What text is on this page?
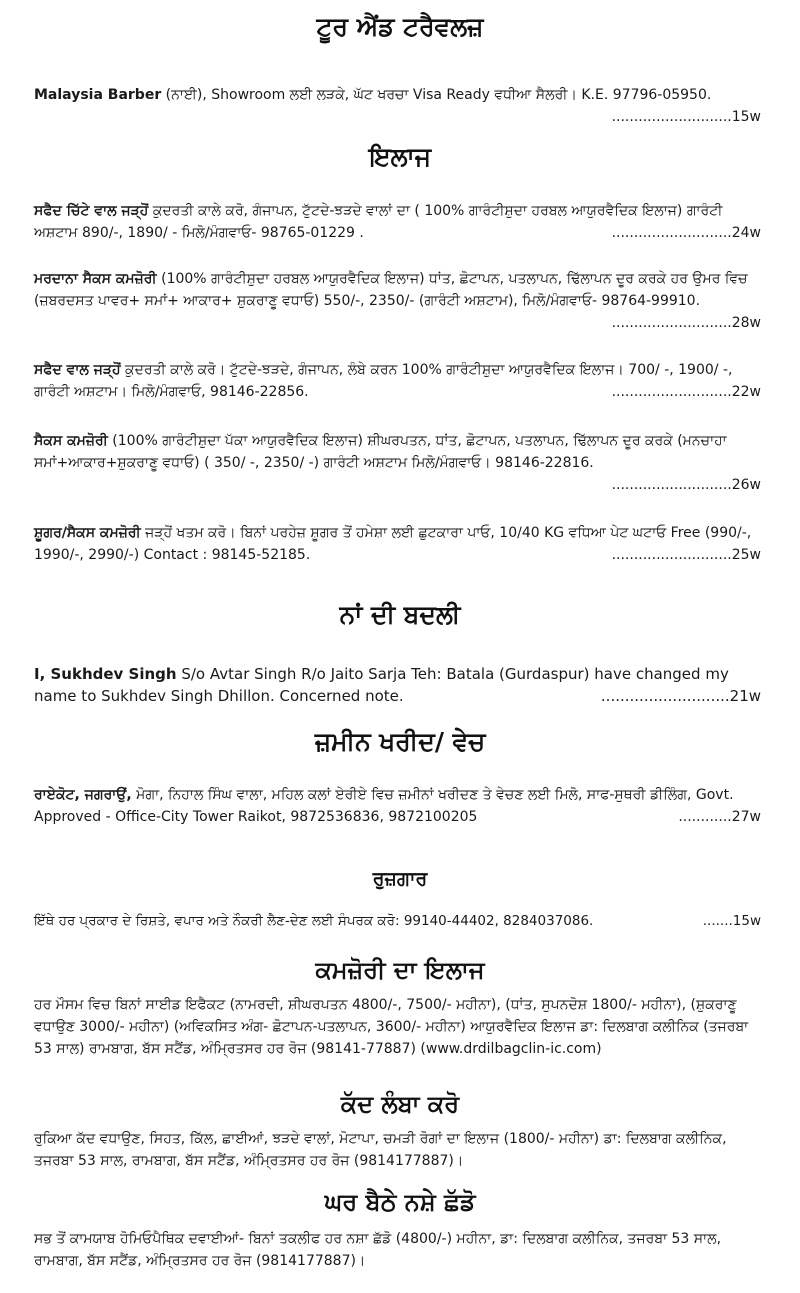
ਟੂਰ ਐਂਡ ਟਰੈਵਲਜ਼
Malaysia Barber (ਨਾਈ), Showroom ਲਈ ਲੜਕੇ, ਘੱਟ ਖਰਚਾ Visa Ready ਵਧੀਆ ਸੈਲਰੀ। K.E. 97796-05950.
...........................15w
ਇਲਾਜ
ਸਫੈਦ ਚਿੱਟੇ ਵਾਲ ਜੜ੍ਹੋਂ ਕੁਦਰਤੀ ਕਾਲੇ ਕਰੋ, ਗੰਜਾਪਨ, ਟੁੱਟਦੇ-ਝੜਦੇ ਵਾਲਾਂ ਦਾ ( 100% ਗਾਰੰਟੀਸ਼ੁਦਾ ਹਰਬਲ ਆਯੁਰਵੈਦਿਕ ਇਲਾਜ) ਗਾਰੰਟੀ ਅਸ਼ਟਾਮ 890/-, 1890/ - ਮਿਲੋ/ਮੰਗਵਾਓ- 98765-01229 .	...........................24w
ਮਰਦਾਨਾ ਸੈਕਸ ਕਮਜ਼ੋਰੀ (100% ਗਾਰੰਟੀਸ਼ੁਦਾ ਹਰਬਲ ਆਯੁਰਵੈਦਿਕ ਇਲਾਜ) ਧਾਂਤ, ਛੋਟਾਪਨ, ਪਤਲਾਪਨ, ਢਿੱਲਾਪਨ ਦੂਰ ਕਰਕੇ ਹਰ ਉਮਰ ਵਿਚ (ਜ਼ਬਰਦਸਤ ਪਾਵਰ+ ਸਮਾਂ+ ਆਕਾਰ+ ਸ਼ੁਕਰਾਣੂ ਵਧਾਓ) 550/-, 2350/- (ਗਾਰੰਟੀ ਅਸ਼ਟਾਮ), ਮਿਲੋ/ਮੰਗਵਾਓ- 98764-99910.
...........................28w
ਸਫੈਦ ਵਾਲ ਜੜ੍ਹੋਂ ਕੁਦਰਤੀ ਕਾਲੇ ਕਰੋ। ਟੁੱਟਦੇ-ਝੜਦੇ, ਗੰਜਾਪਨ, ਲੰਬੇ ਕਰਨ 100% ਗਾਰੰਟੀਸ਼ੁਦਾ ਆਯੁਰਵੈਦਿਕ ਇਲਾਜ। 700/ -, 1900/ -, ਗਾਰੰਟੀ ਅਸ਼ਟਾਮ। ਮਿਲੋ/ਮੰਗਵਾਓ, 98146-22856.	...........................22w
ਸੈਕਸ ਕਮਜ਼ੋਰੀ (100% ਗਾਰੰਟੀਸ਼ੁਦਾ ਪੱਕਾ ਆਯੁਰਵੈਦਿਕ ਇਲਾਜ) ਸ਼ੀਘਰਪਤਨ, ਧਾਂਤ, ਛੋਟਾਪਨ, ਪਤਲਾਪਨ, ਢਿੱਲਾਪਨ ਦੂਰ ਕਰਕੇ (ਮਨਚਾਹਾ ਸਮਾਂ+ਆਕਾਰ+ਸ਼ੁਕਰਾਣੂ ਵਧਾਓ) ( 350/ -, 2350/ -) ਗਾਰੰਟੀ ਅਸ਼ਟਾਮ ਮਿਲੋ/ਮੰਗਵਾਓ। 98146-22816.
...........................26w
ਸ਼ੂਗਰ/ਸੈਕਸ ਕਮਜ਼ੋਰੀ ਜੜ੍ਹੋਂ ਖਤਮ ਕਰੋ। ਬਿਨਾਂ ਪਰਹੇਜ਼ ਸ਼ੂਗਰ ਤੋਂ ਹਮੇਸ਼ਾ ਲਈ ਛੁਟਕਾਰਾ ਪਾਓ, 10/40 KG ਵਧਿਆ ਪੇਟ ਘਟਾਓ Free (990/-, 1990/-, 2990/-) Contact : 98145-52185.	...........................25w
ਨਾਂ ਦੀ ਬਦਲੀ
I, Sukhdev Singh S/o Avtar Singh R/o Jaito Sarja Teh: Batala (Gurdaspur) have changed my name to Sukhdev Singh Dhillon. Concerned note.	...........................21w
ਜ਼ਮੀਨ ਖਰੀਦ/ ਵੇਚ
ਰਾਏਕੋਟ, ਜਗਰਾਉਂ, ਮੋਗਾ, ਨਿਹਾਲ ਸਿੰਘ ਵਾਲਾ, ਮਹਿਲ ਕਲਾਂ ਏਰੀਏ ਵਿਚ ਜ਼ਮੀਨਾਂ ਖਰੀਦਣ ਤੇ ਵੇਚਣ ਲਈ ਮਿਲੋ, ਸਾਫ-ਸੁਥਰੀ ਡੀਲਿੰਗ, Govt. Approved - Office-City Tower Raikot, 9872536836, 9872100205	............27w
ਰੁਜ਼ਗਾਰ
ਇੱਥੇ ਹਰ ਪ੍ਰਕਾਰ ਦੇ ਰਿਸ਼ਤੇ, ਵਪਾਰ ਅਤੇ ਨੌਕਰੀ ਲੈਣ-ਦੇਣ ਲਈ ਸੰਪਰਕ ਕਰੋ: 99140-44402, 8284037086.	.......15w
ਕਮਜ਼ੋਰੀ ਦਾ ਇਲਾਜ
ਹਰ ਮੌਸਮ ਵਿਚ ਬਿਨਾਂ ਸਾਈਡ ਇਫੈਕਟ (ਨਾਮਰਦੀ, ਸ਼ੀਘਰਪਤਨ 4800/-, 7500/- ਮਹੀਨਾ), (ਧਾਂਤ, ਸੁਪਨਦੋਸ਼ 1800/- ਮਹੀਨਾ), (ਸ਼ੁਕਰਾਣੂ ਵਧਾਉਣ 3000/- ਮਹੀਨਾ) (ਅਵਿਕਸਿਤ ਅੰਗ- ਛੋਟਾਪਨ-ਪਤਲਾਪਨ, 3600/- ਮਹੀਨਾ) ਆਯੁਰਵੈਦਿਕ ਇਲਾਜ ਡਾ: ਦਿਲਬਾਗ ਕਲੀਨਿਕ (ਤਜਰਬਾ 53 ਸਾਲ) ਰਾਮਬਾਗ, ਬੱਸ ਸਟੈਂਡ, ਅੰਮ੍ਰਿਤਸਰ ਹਰ ਰੋਜ (98141-77887) (www.drdilbagclin-ic.com)
ਕੱਦ ਲੰਬਾ ਕਰੋ
ਰੁਕਿਆ ਕੱਦ ਵਧਾਉਣ, ਸਿਹਤ, ਕਿੱਲ, ਛਾਈਆਂ, ਝੜਦੇ ਵਾਲਾਂ, ਮੋਟਾਪਾ, ਚਮੜੀ ਰੋਗਾਂ ਦਾ ਇਲਾਜ (1800/- ਮਹੀਨਾ) ਡਾ: ਦਿਲਬਾਗ ਕਲੀਨਿਕ, ਤਜਰਬਾ 53 ਸਾਲ, ਰਾਮਬਾਗ, ਬੱਸ ਸਟੈਂਡ, ਅੰਮ੍ਰਿਤਸਰ ਹਰ ਰੋਜ (9814177887)।
ਘਰ ਬੈਠੇ ਨਸ਼ੇ ਛੱਡੋ
ਸਭ ਤੋਂ ਕਾਮਯਾਬ ਹੋਮਿਓਪੈਥਿਕ ਦਵਾਈਆਂ- ਬਿਨਾਂ ਤਕਲੀਫ ਹਰ ਨਸ਼ਾ ਛੱਡੋ (4800/-) ਮਹੀਨਾ, ਡਾ: ਦਿਲਬਾਗ ਕਲੀਨਿਕ, ਤਜਰਬਾ 53 ਸਾਲ, ਰਾਮਬਾਗ, ਬੱਸ ਸਟੈਂਡ, ਅੰਮ੍ਰਿਤਸਰ ਹਰ ਰੋਜ (9814177887)।
